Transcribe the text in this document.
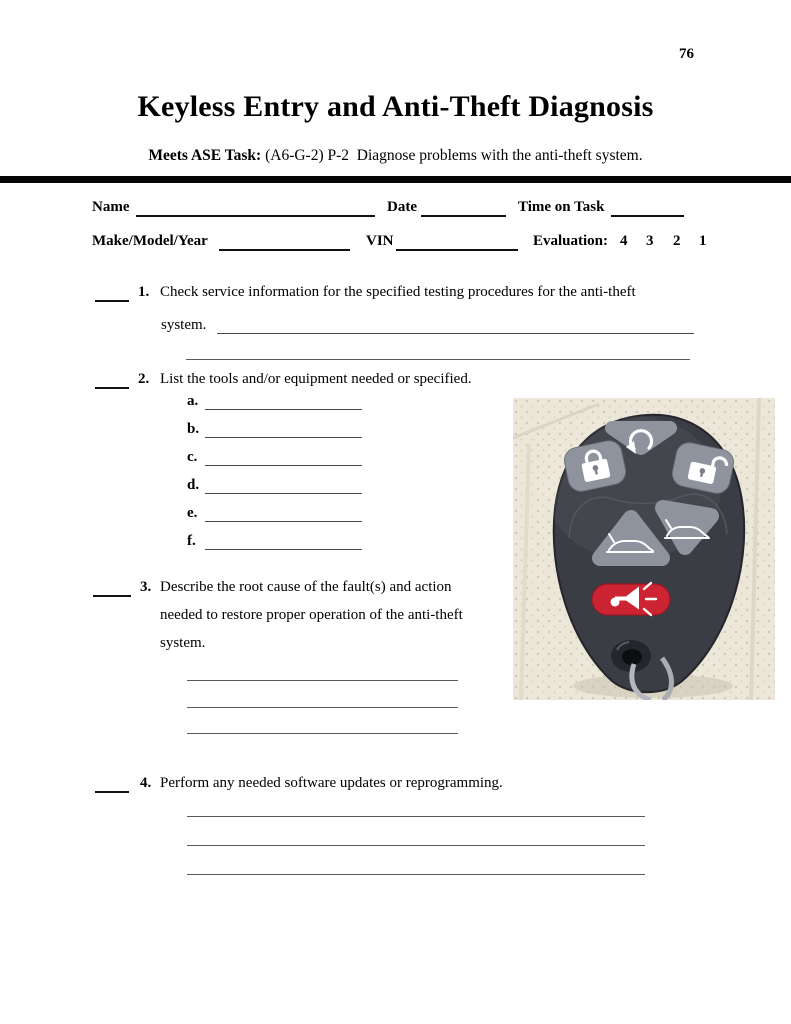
76
Keyless Entry and Anti-Theft Diagnosis
Meets ASE Task: (A6-G-2) P-2  Diagnose problems with the anti-theft system.
Name	Date	Time on Task
Make/Model/Year	VIN	Evaluation: 4 3 2 1
1. Check service information for the specified testing procedures for the anti-theft
system.
2. List the tools and/or equipment needed or specified.
a.
b.
c.
d.
e.
f.
3. Describe the root cause of the fault(s) and action
needed to restore proper operation of the anti-theft
system.
4. Perform any needed software updates or reprogramming.
